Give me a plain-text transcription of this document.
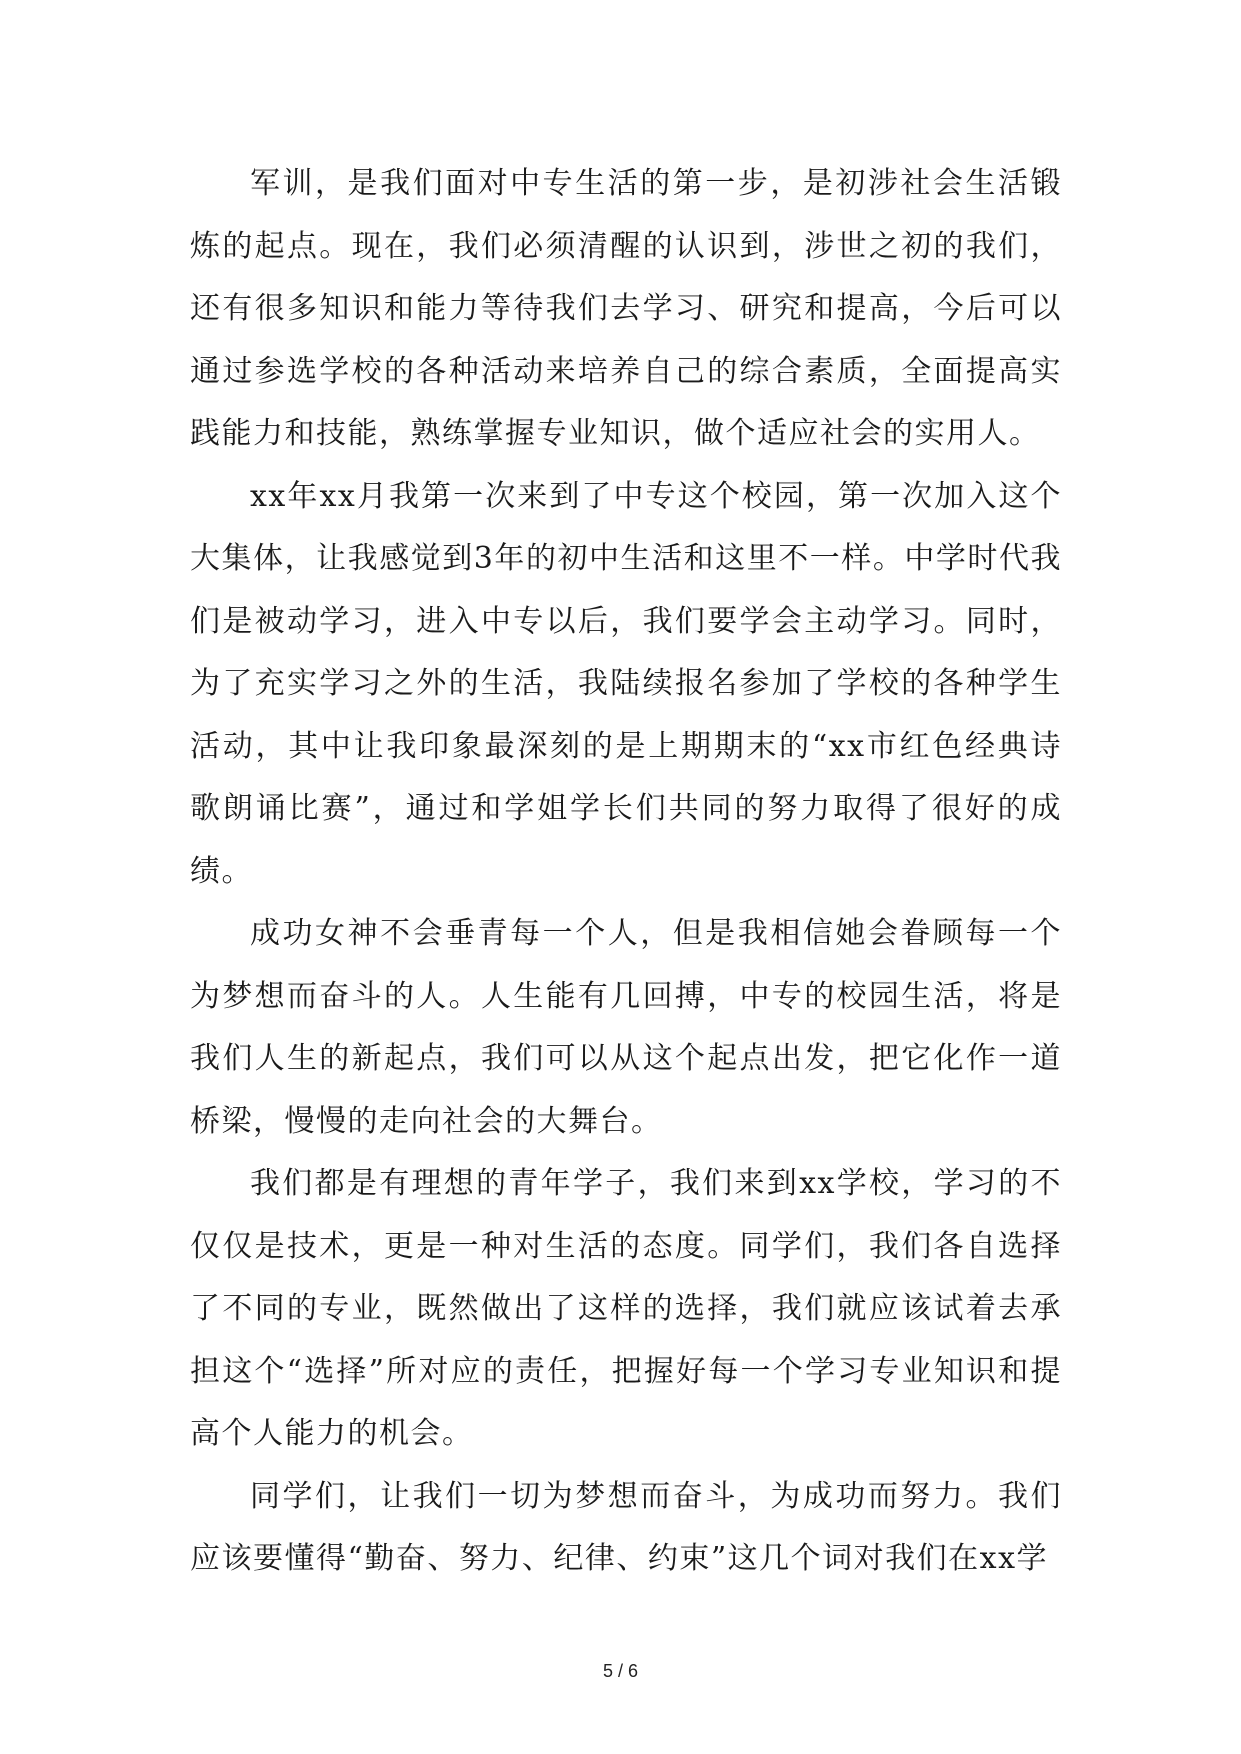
军训，是我们面对中专生活的第一步，是初涉社会生活锻炼的起点。现在，我们必须清醒的认识到，涉世之初的我们，还有很多知识和能力等待我们去学习、研究和提高，今后可以通过参选学校的各种活动来培养自己的综合素质，全面提高实践能力和技能，熟练掌握专业知识，做个适应社会的实用人。

xx年xx月我第一次来到了中专这个校园，第一次加入这个大集体，让我感觉到3年的初中生活和这里不一样。中学时代我们是被动学习，进入中专以后，我们要学会主动学习。同时，为了充实学习之外的生活，我陆续报名参加了学校的各种学生活动，其中让我印象最深刻的是上期期末的“xx市红色经典诗歌朗诵比赛”，通过和学姐学长们共同的努力取得了很好的成绩。

成功女神不会垂青每一个人，但是我相信她会眷顾每一个为梦想而奋斗的人。人生能有几回搏，中专的校园生活，将是我们人生的新起点，我们可以从这个起点出发，把它化作一道桥梁，慢慢的走向社会的大舞台。

我们都是有理想的青年学子，我们来到xx学校，学习的不仅仅是技术，更是一种对生活的态度。同学们，我们各自选择了不同的专业，既然做出了这样的选择，我们就应该试着去承担这个“选择”所对应的责任，把握好每一个学习专业知识和提高个人能力的机会。

同学们，让我们一切为梦想而奋斗，为成功而努力。我们应该要懂得“勤奋、努力、纪律、约束”这几个词对我们在xx学

5 / 6
